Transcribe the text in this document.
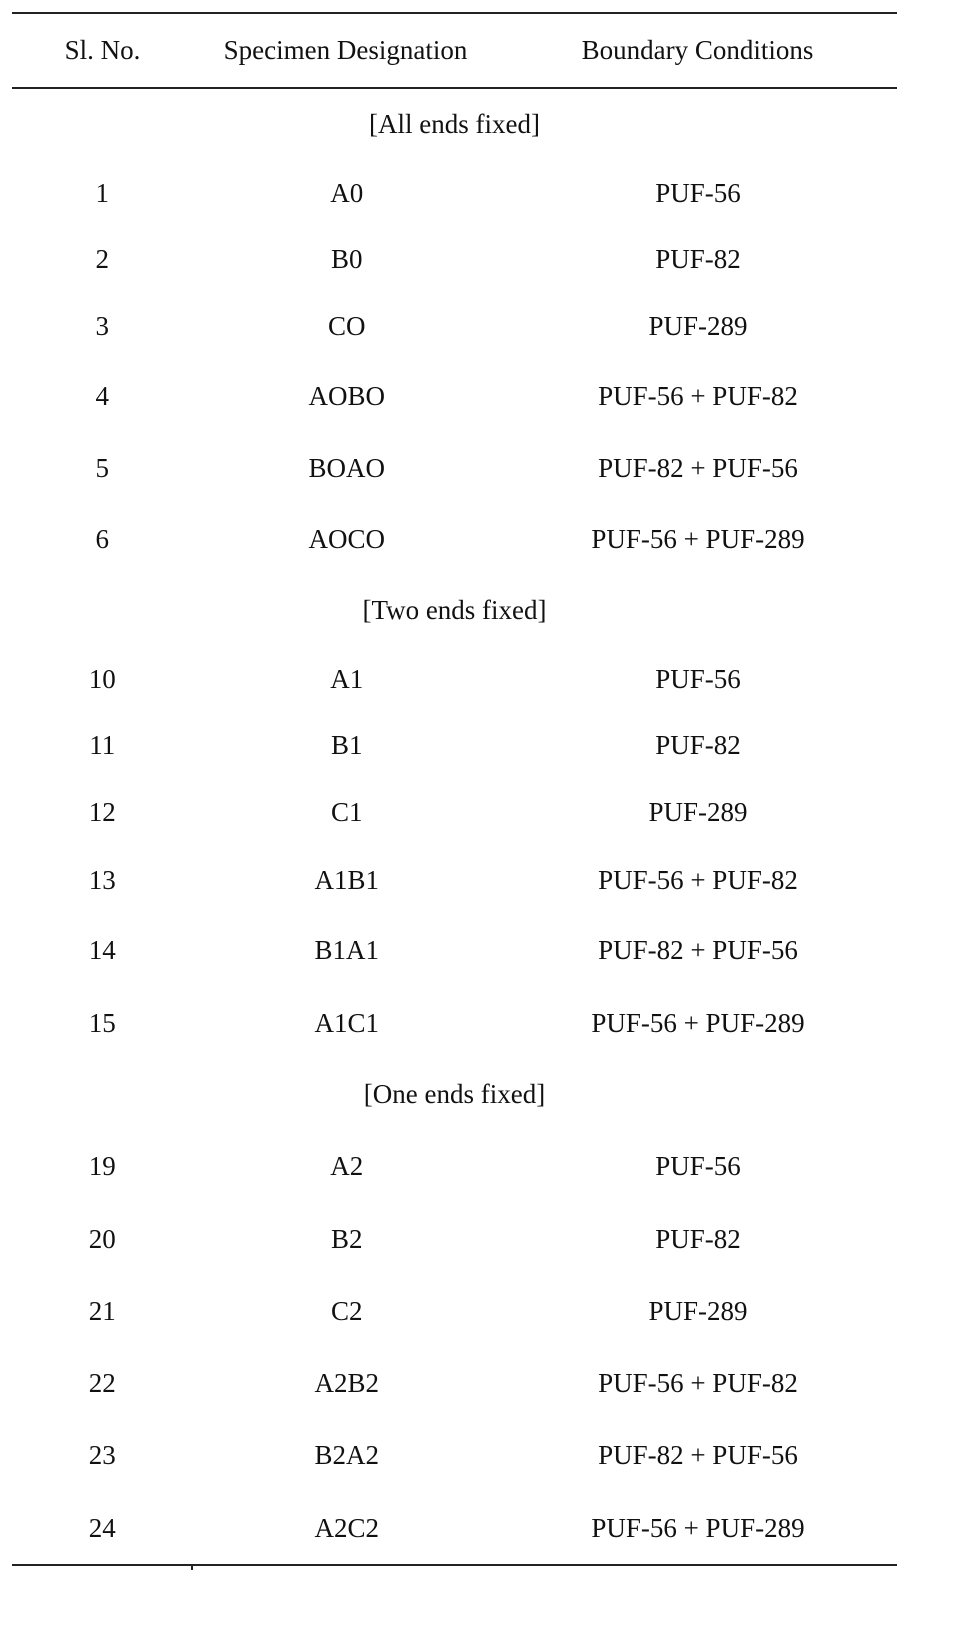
Sl. No.	Specimen Designation	Boundary Conditions
[All ends fixed]
1	A0	PUF-56
2	B0	PUF-82
3	CO	PUF-289
4	AOBO	PUF-56 + PUF-82
5	BOAO	PUF-82 + PUF-56
6	AOCO	PUF-56 + PUF-289
[Two ends fixed]
10	A1	PUF-56
11	B1	PUF-82
12	C1	PUF-289
13	A1B1	PUF-56 + PUF-82
14	B1A1	PUF-82 + PUF-56
15	A1C1	PUF-56 + PUF-289
[One ends fixed]
19	A2	PUF-56
20	B2	PUF-82
21	C2	PUF-289
22	A2B2	PUF-56 + PUF-82
23	B2A2	PUF-82 + PUF-56
24	A2C2	PUF-56 + PUF-289
